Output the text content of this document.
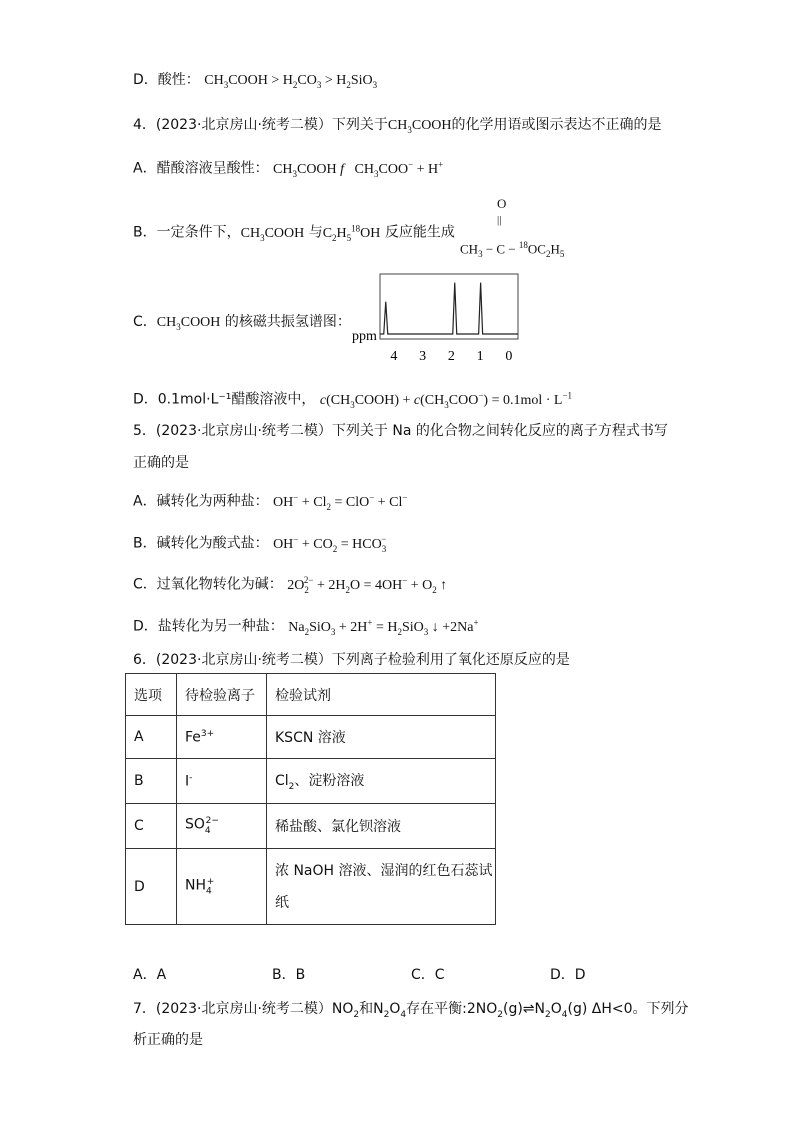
D．酸性： $CH_3COOH > H_2CO_3 > H_2SiO_3$
4．(2023·北京房山·统考二模）下列关于$CH_3COOH$的化学用语或图示表达不正确的是
A．醋酸溶液呈酸性： $CH_3COOH$ f   $CH_3COO^- + H^+$
O
||
B．一定条件下，$CH_3COOH$ 与$C_2H_5^{18}OH$ 反应能生成
$CH_3 - C - ^{18}OC_2H_5$
C．$CH_3COOH$ 的核磁共振氢谱图：
ppm
4 3 2 1 0
D．0.1mol·L⁻¹醋酸溶液中， $c(CH_3COOH) + c(CH_3COO^-) = 0.1mol \cdot L^{-1}$
5．(2023·北京房山·统考二模）下列关于 Na 的化合物之间转化反应的离子方程式书写
正确的是
A．碱转化为两种盐： $OH^- + Cl_2 = ClO^- + Cl^-$
B．碱转化为酸式盐： $OH^- + CO_2 = HCO_3^-$
C．过氧化物转化为碱： $2O_2^{2-} + 2H_2O = 4OH^- + O_2$ ↑
D．盐转化为另一种盐： $Na_2SiO_3 + 2H^+ = H_2SiO_3$ ↓ +2Na+
6．(2023·北京房山·统考二模）下列离子检验利用了氧化还原反应的是
选项	待检验离子	检验试剂
A	$Fe^{3+}$	KSCN 溶液
B	I-	$Cl_2$、淀粉溶液
C	$SO_4^{2-}$	稀盐酸、氯化钡溶液
D	$NH_4^+$	浓 NaOH 溶液、湿润的红色石蕊试
纸
A．A	B．B	C．C	D．D
7．(2023·北京房山·统考二模）$NO_2$和$N_2O_4$存在平衡$:2NO_2(g)\rightleftharpoons N_2O_4(g)$ ΔH<0。下列分
析正确的是
